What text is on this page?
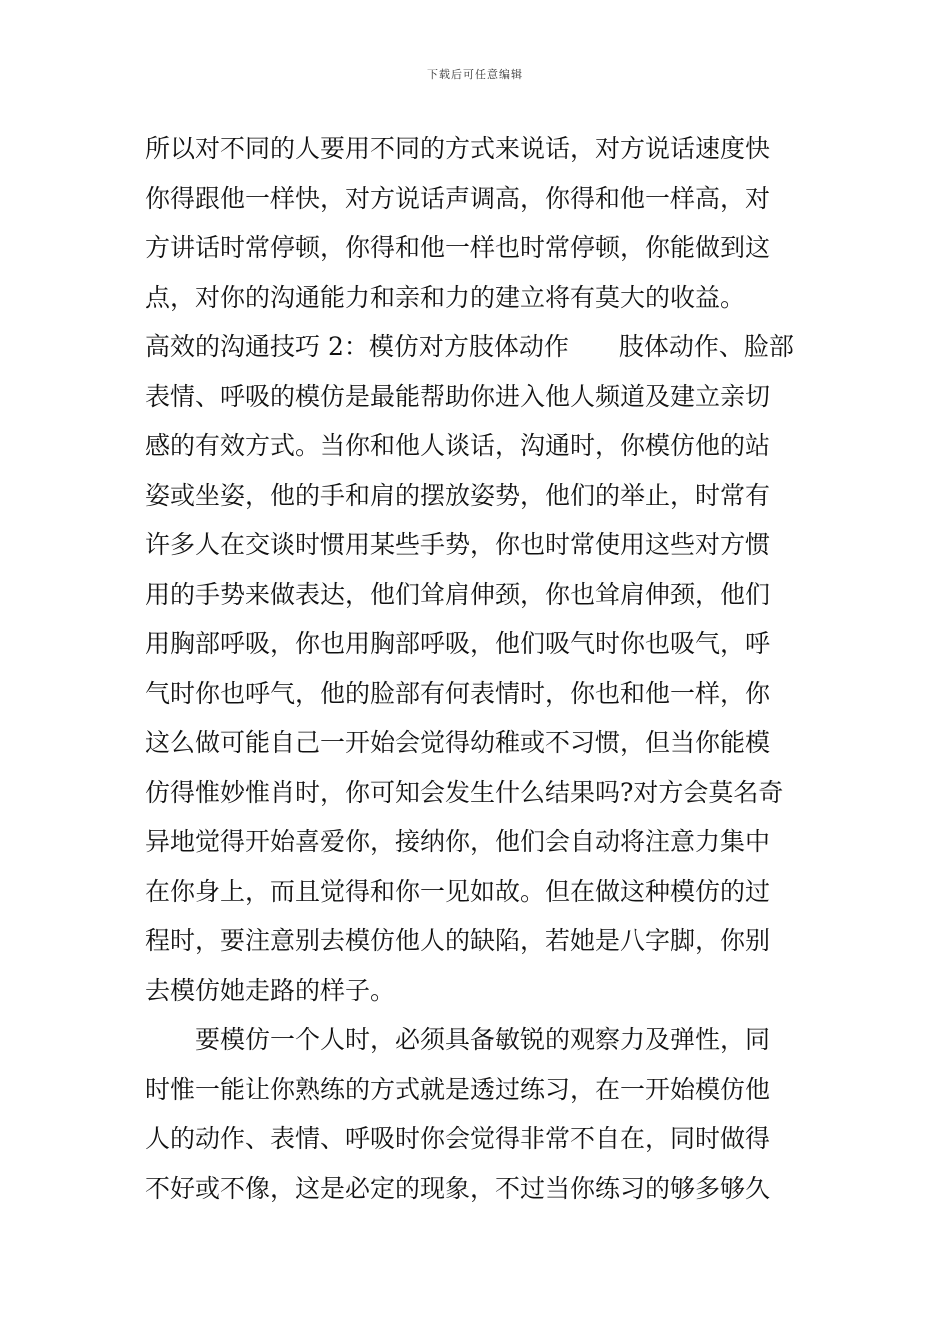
下载后可任意编辑
所以对不同的人要用不同的方式来说话，对方说话速度快
你得跟他一样快，对方说话声调高，你得和他一样高，对
方讲话时常停顿，你得和他一样也时常停顿，你能做到这
点，对你的沟通能力和亲和力的建立将有莫大的收益。
高效的沟通技巧 2：模仿对方肢体动作　　肢体动作、脸部
表情、呼吸的模仿是最能帮助你进入他人频道及建立亲切
感的有效方式。当你和他人谈话，沟通时，你模仿他的站
姿或坐姿，他的手和肩的摆放姿势，他们的举止，时常有
许多人在交谈时惯用某些手势，你也时常使用这些对方惯
用的手势来做表达，他们耸肩伸颈，你也耸肩伸颈，他们
用胸部呼吸，你也用胸部呼吸，他们吸气时你也吸气，呼
气时你也呼气，他的脸部有何表情时，你也和他一样，你
这么做可能自己一开始会觉得幼稚或不习惯，但当你能模
仿得惟妙惟肖时，你可知会发生什么结果吗?对方会莫名奇
异地觉得开始喜爱你，接纳你，他们会自动将注意力集中
在你身上，而且觉得和你一见如故。但在做这种模仿的过
程时，要注意别去模仿他人的缺陷，若她是八字脚，你别
去模仿她走路的样子。
　　要模仿一个人时，必须具备敏锐的观察力及弹性，同
时惟一能让你熟练的方式就是透过练习，在一开始模仿他
人的动作、表情、呼吸时你会觉得非常不自在，同时做得
不好或不像，这是必定的现象，不过当你练习的够多够久
